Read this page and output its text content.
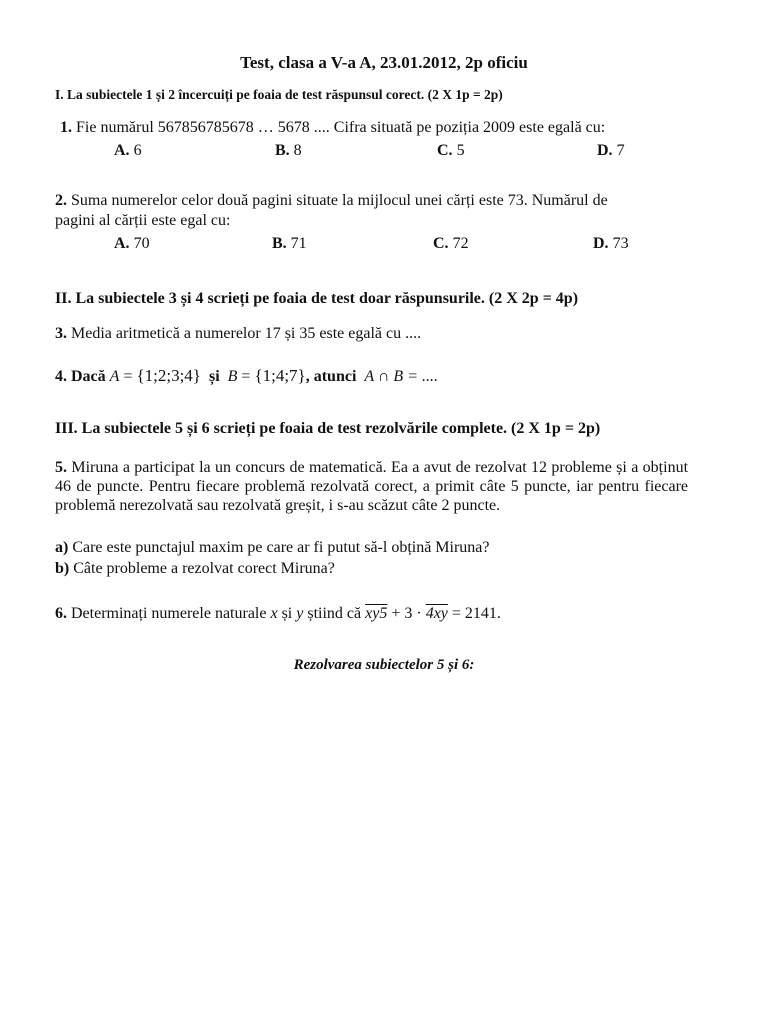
Test, clasa a V-a A, 23.01.2012, 2p oficiu
I. La subiectele 1 și 2 încercuiți pe foaia de test răspunsul corect. (2 X 1p = 2p)
1. Fie numărul 567856785678 … 5678 .... Cifra situată pe poziția 2009 este egală cu:
A. 6	B. 8	C. 5	D. 7
2. Suma numerelor celor două pagini situate la mijlocul unei cărți este 73. Numărul de
pagini al cărții este egal cu:
A. 70	B. 71	C. 72	D. 73
II. La subiectele 3 și 4 scrieți pe foaia de test doar răspunsurile. (2 X 2p = 4p)
3. Media aritmetică a numerelor 17 și 35 este egală cu ....
4. Dacă A = {1;2;3;4} și B = {1;4;7}, atunci A ∩ B = ....
III. La subiectele 5 și 6 scrieți pe foaia de test rezolvările complete. (2 X 1p = 2p)
5. Miruna a participat la un concurs de matematică. Ea a avut de rezolvat 12 probleme și a obținut 46 de puncte. Pentru fiecare problemă rezolvată corect, a primit câte 5 puncte, iar pentru fiecare problemă nerezolvată sau rezolvată greșit, i s-au scăzut câte 2 puncte.
a) Care este punctajul maxim pe care ar fi putut să-l obțină Miruna?
b) Câte probleme a rezolvat corect Miruna?
6. Determinați numerele naturale x și y știind că xy5 + 3 · 4xy = 2141.
Rezolvarea subiectelor 5 și 6:
